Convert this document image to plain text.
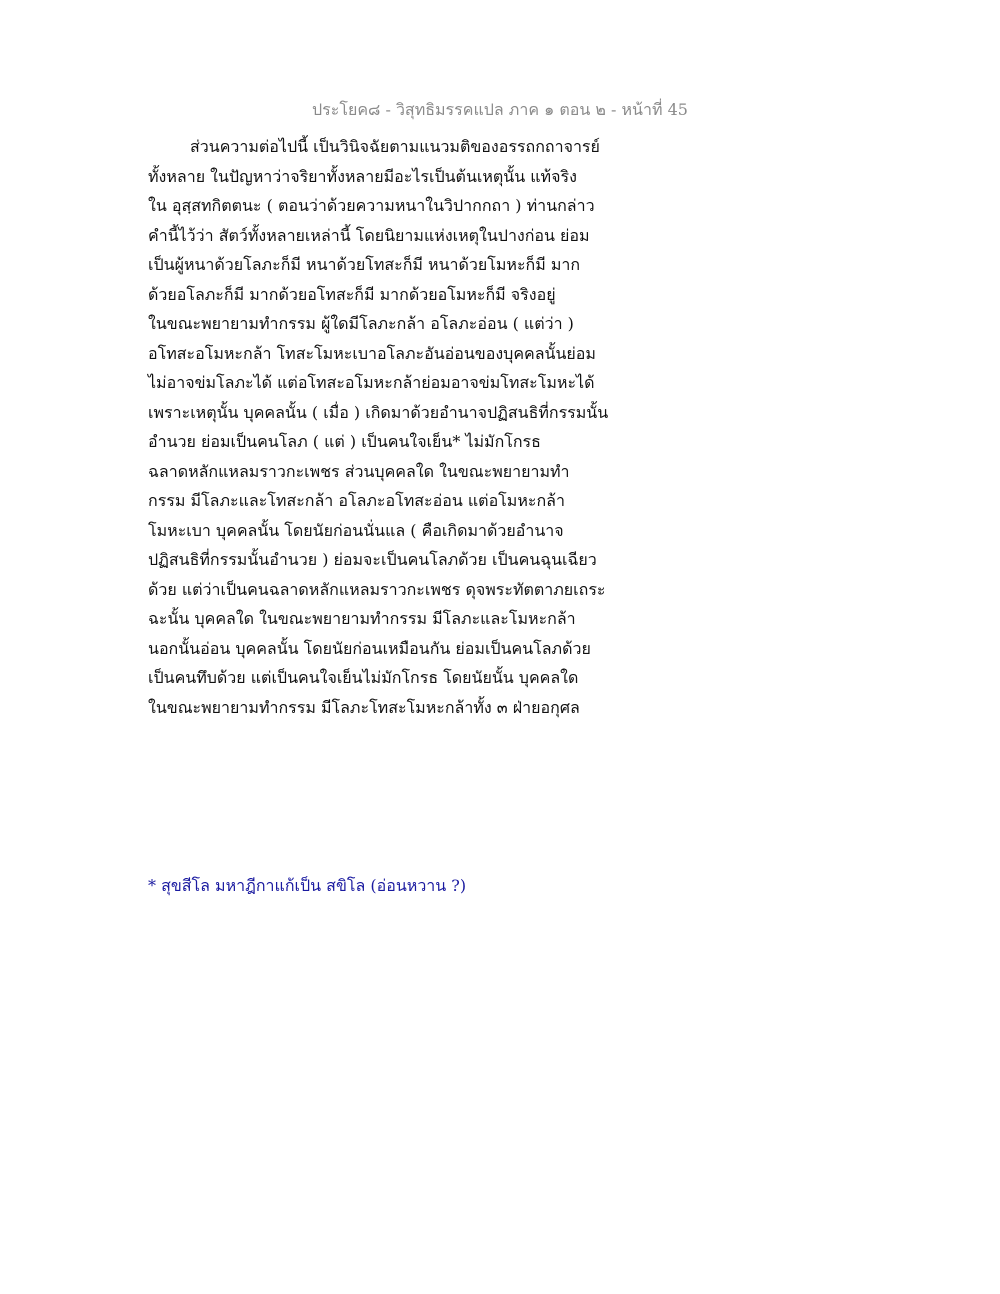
ประโยค๘ - วิสุทธิมรรคแปล ภาค ๑ ตอน ๒ - หน้าที่ 45
ส่วนความต่อไปนี้ เป็นวินิจฉัยตามแนวมติของอรรถกถาจารย์
ทั้งหลาย ในปัญหาว่าจริยาทั้งหลายมีอะไรเป็นต้นเหตุนั้น แท้จริง
ใน อุสฺสทกิตตนะ ( ตอนว่าด้วยความหนาในวิปากกถา ) ท่านกล่าว
คำนี้ไว้ว่า สัตว์ทั้งหลายเหล่านี้ โดยนิยามแห่งเหตุในปางก่อน ย่อม
เป็นผู้หนาด้วยโลภะก็มี หนาด้วยโทสะก็มี หนาด้วยโมหะก็มี มาก
ด้วยอโลภะก็มี มากด้วยอโทสะก็มี มากด้วยอโมหะก็มี จริงอยู่
ในขณะพยายามทำกรรม ผู้ใดมีโลภะกล้า อโลภะอ่อน ( แต่ว่า )
อโทสะอโมหะกล้า โทสะโมหะเบาอโลภะอันอ่อนของบุคคลนั้นย่อม
ไม่อาจข่มโลภะได้ แต่อโทสะอโมหะกล้าย่อมอาจข่มโทสะโมหะได้
เพราะเหตุนั้น บุคคลนั้น ( เมื่อ ) เกิดมาด้วยอำนาจปฏิสนธิที่กรรมนั้น
อำนวย ย่อมเป็นคนโลภ ( แต่ ) เป็นคนใจเย็น* ไม่มักโกรธ
ฉลาดหลักแหลมราวกะเพชร ส่วนบุคคลใด ในขณะพยายามทำ
กรรม มีโลภะและโทสะกล้า อโลภะอโทสะอ่อน แต่อโมหะกล้า
โมหะเบา บุคคลนั้น โดยนัยก่อนนั่นแล ( คือเกิดมาด้วยอำนาจ
ปฏิสนธิที่กรรมนั้นอำนวย ) ย่อมจะเป็นคนโลภด้วย เป็นคนฉุนเฉียว
ด้วย แต่ว่าเป็นคนฉลาดหลักแหลมราวกะเพชร ดุจพระทัตตาภยเถระ
ฉะนั้น บุคคลใด ในขณะพยายามทำกรรม มีโลภะและโมหะกล้า
นอกนั้นอ่อน บุคคลนั้น โดยนัยก่อนเหมือนกัน ย่อมเป็นคนโลภด้วย
เป็นคนทึบด้วย แต่เป็นคนใจเย็นไม่มักโกรธ โดยนัยนั้น บุคคลใด
ในขณะพยายามทำกรรม มีโลภะโทสะโมหะกล้าทั้ง ๓ ฝ่ายอกุศล
* สุขสีโล มหาฎีกาแก้เป็น สขิโล (อ่อนหวาน ?)
